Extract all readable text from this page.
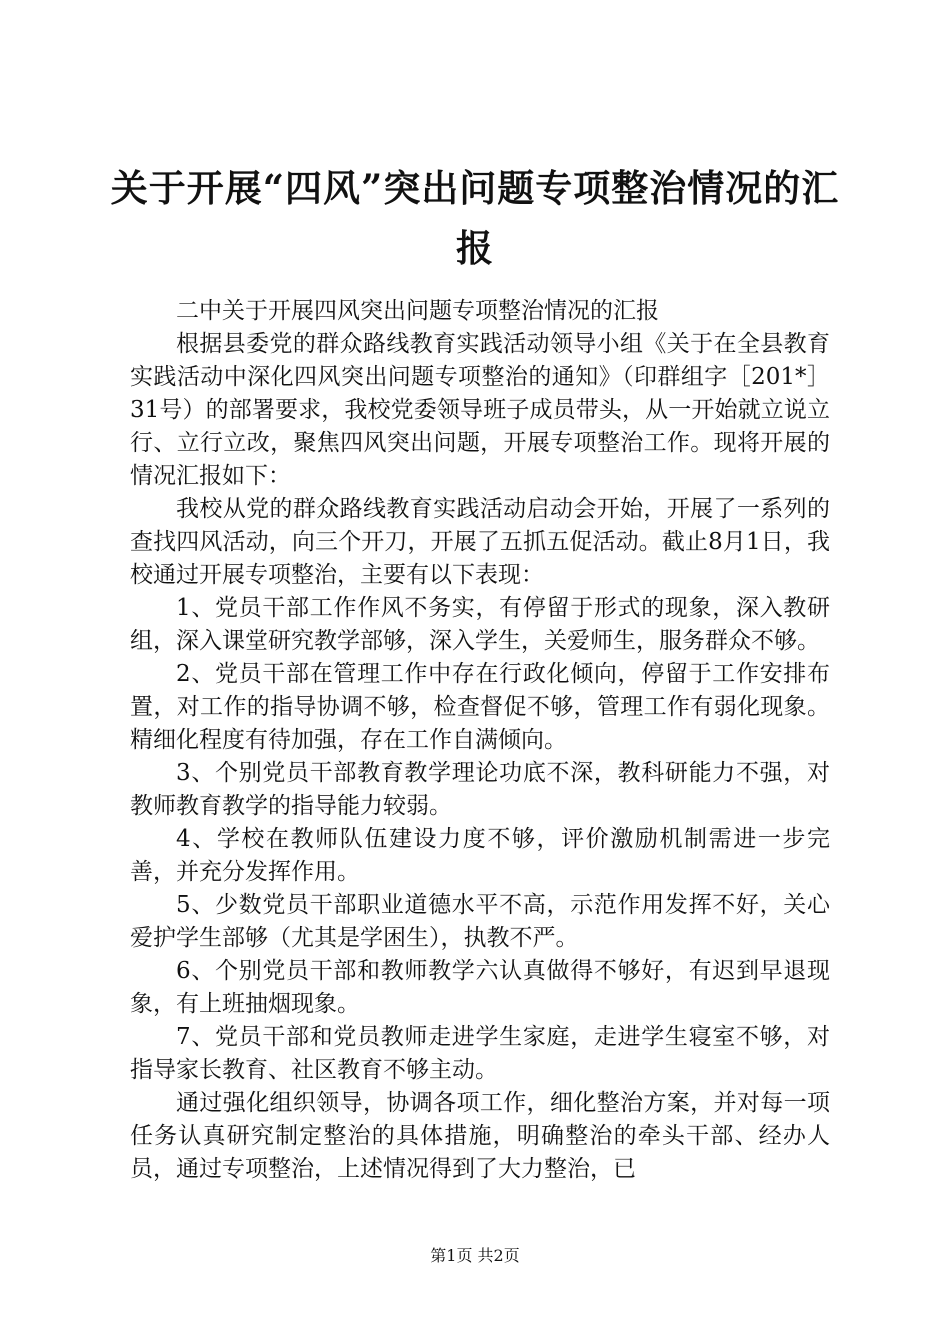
关于开展“四风”突出问题专项整治情况的汇报

二中关于开展四风突出问题专项整治情况的汇报

根据县委党的群众路线教育实践活动领导小组《关于在全县教育实践活动中深化四风突出问题专项整治的通知》（印群组字［201*］31号）的部署要求，我校党委领导班子成员带头，从一开始就立说立行、立行立改，聚焦四风突出问题，开展专项整治工作。现将开展的情况汇报如下：

我校从党的群众路线教育实践活动启动会开始，开展了一系列的查找四风活动，向三个开刀，开展了五抓五促活动。截止8月1日，我校通过开展专项整治，主要有以下表现：

1、党员干部工作作风不务实，有停留于形式的现象，深入教研组，深入课堂研究教学部够，深入学生，关爱师生，服务群众不够。

2、党员干部在管理工作中存在行政化倾向，停留于工作安排布置，对工作的指导协调不够，检查督促不够，管理工作有弱化现象。精细化程度有待加强，存在工作自满倾向。

3、个别党员干部教育教学理论功底不深，教科研能力不强，对教师教育教学的指导能力较弱。

4、学校在教师队伍建设力度不够，评价激励机制需进一步完善，并充分发挥作用。

5、少数党员干部职业道德水平不高，示范作用发挥不好，关心爱护学生部够（尤其是学困生），执教不严。

6、个别党员干部和教师教学六认真做得不够好，有迟到早退现象，有上班抽烟现象。

7、党员干部和党员教师走进学生家庭，走进学生寝室不够，对指导家长教育、社区教育不够主动。

通过强化组织领导，协调各项工作，细化整治方案，并对每一项任务认真研究制定整治的具体措施，明确整治的牵头干部、经办人员，通过专项整治，上述情况得到了大力整治，已

第1页 共2页
